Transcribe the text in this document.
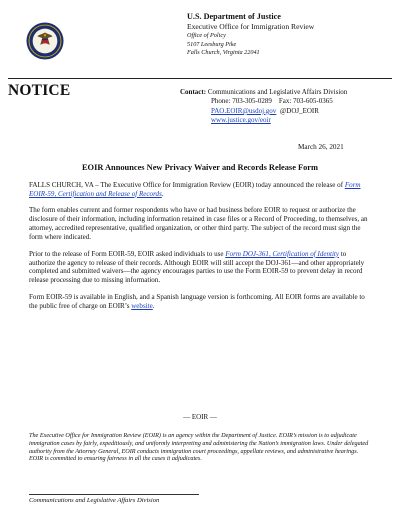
U.S. Department of Justice
Executive Office for Immigration Review
Office of Policy
5107 Leesburg Pike
Falls Church, Virginia 22041
NOTICE	Contact: Communications and Legislative Affairs Division
Phone: 703-305-0289 Fax: 703-605-0365
PAO.EOIR@usdoj.gov @DOJ_EOIR
www.justice.gov/eoir
March 26, 2021
EOIR Announces New Privacy Waiver and Records Release Form

FALLS CHURCH, VA – The Executive Office for Immigration Review (EOIR) today announced the release of Form EOIR-59, Certification and Release of Records.

The form enables current and former respondents who have or had business before EOIR to request or authorize the disclosure of their information, including information retained in case files or a Record of Proceeding, to themselves, an attorney, accredited representative, qualified organization, or other third party. The subject of the record must sign the form where indicated.

Prior to the release of Form EOIR-59, EOIR asked individuals to use Form DOJ-361, Certification of Identity to authorize the agency to release of their records. Although EOIR will still accept the DOJ-361—and other appropriately completed and submitted waivers—the agency encourages parties to use the Form EOIR-59 to prevent delay in record release processing due to missing information.

Form EOIR-59 is available in English, and a Spanish language version is forthcoming. All EOIR forms are available to the public free of charge on EOIR’s website.

— EOIR —
The Executive Office for Immigration Review (EOIR) is an agency within the Department of Justice. EOIR’s mission is to adjudicate immigration cases by fairly, expeditiously, and uniformly interpreting and administering the Nation’s immigration laws. Under delegated authority from the Attorney General, EOIR conducts immigration court proceedings, appellate reviews, and administrative hearings. EOIR is committed to ensuring fairness in all the cases it adjudicates.
Communications and Legislative Affairs Division
